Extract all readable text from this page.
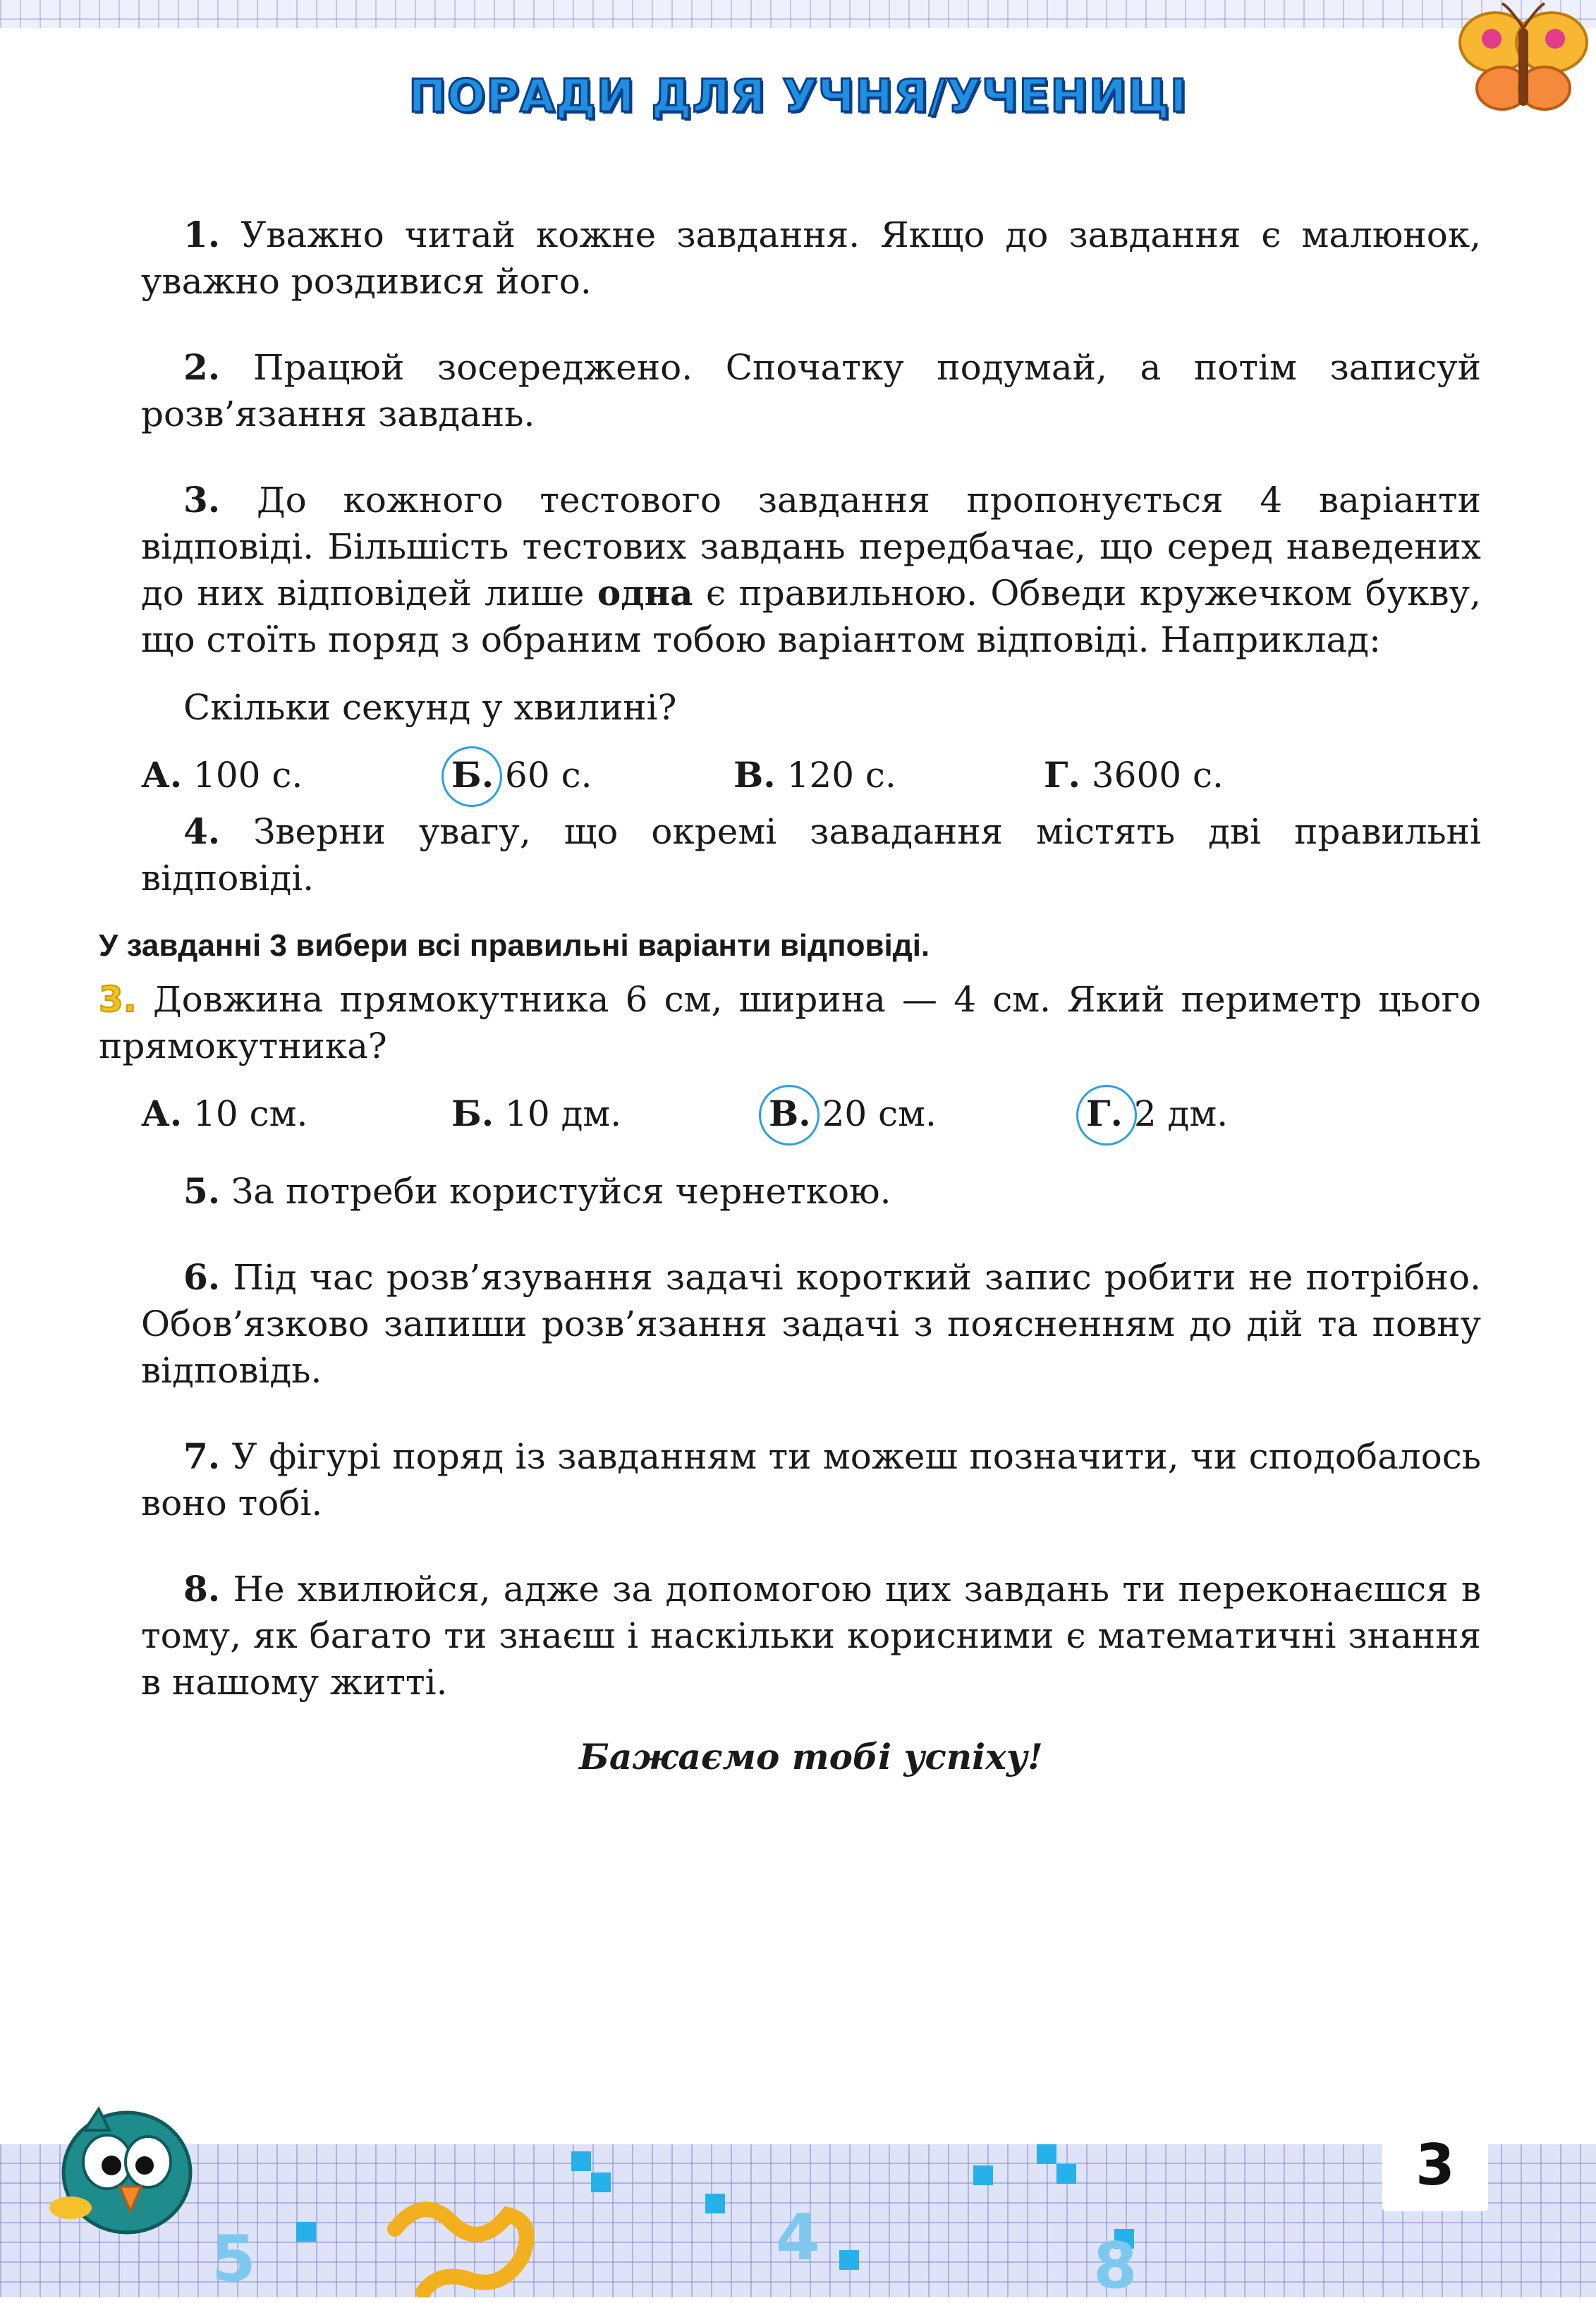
ПОРАДИ ДЛЯ УЧНЯ/УЧЕНИЦІ

1. Уважно читай кожне завдання. Якщо до завдання є малюнок, уважно роздивися його.

2. Працюй зосереджено. Спочатку подумай, а потім записуй розв’язання завдань.

3. До кожного тестового завдання пропонується 4 варіанти відповіді. Більшість тестових завдань передбачає, що серед наведених до них відповідей лише одна є правильною. Обведи кружечком букву, що стоїть поряд з обраним тобою варіантом відповіді. Наприклад:

Скільки секунд у хвилині?

А. 100 с.	Б. 60 с.	В. 120 с.	Г. 3600 с.

4. Зверни увагу, що окремі завадання містять дві правильні відповіді.

У завданні 3 вибери всі правильні варіанти відповіді.

3. Довжина прямокутника 6 см, ширина — 4 см. Який периметр цього прямокутника?

А. 10 см.	Б. 10 дм.	В. 20 см.	Г. 2 дм.

5. За потреби користуйся чернеткою.

6. Під час розв’язування задачі короткий запис робити не потрібно. Обов’язково запиши розв’язання задачі з поясненням до дій та повну відповідь.

7. У фігурі поряд із завданням ти можеш позначити, чи сподобалось воно тобі.

8. Не хвилюйся, адже за допомогою цих завдань ти переконаєшся в тому, як багато ти знаєш і наскільки корисними є математичні знання в нашому житті.

Бажаємо тобі успіху!

5	4	8
3
